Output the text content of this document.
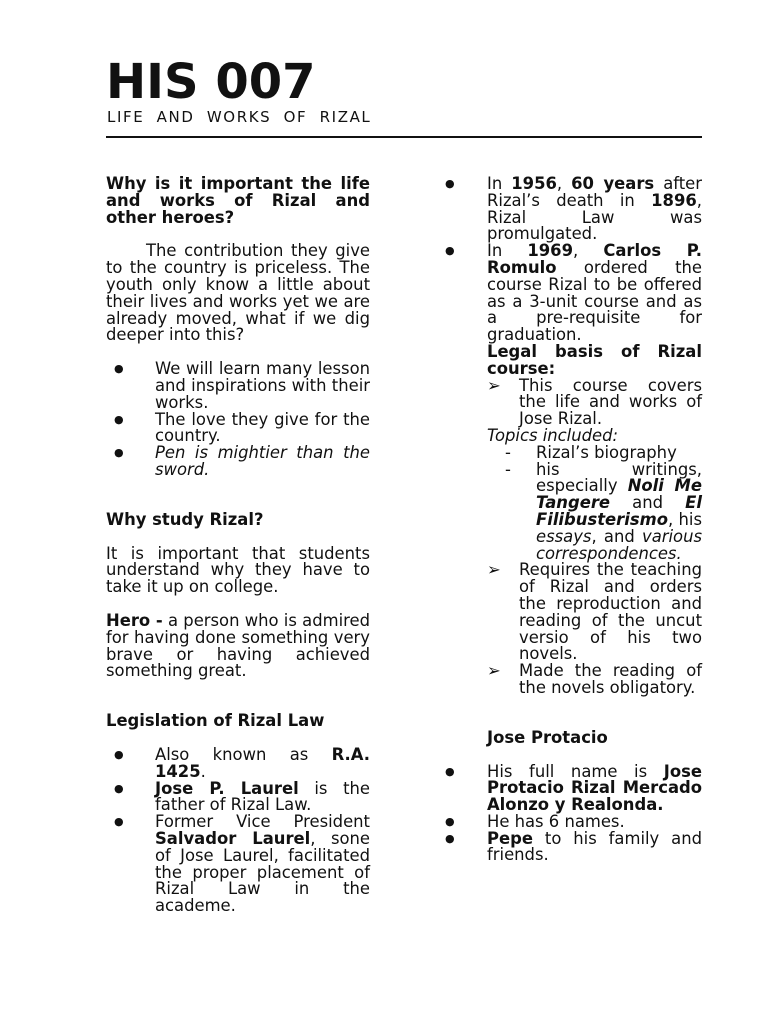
HIS 007
LIFE AND WORKS OF RIZAL

Why is it important the life and works of Rizal and other heroes?

The contribution they give to the country is priceless. The youth only know a little about their lives and works yet we are already moved, what if we dig deeper into this?

● We will learn many lesson and inspirations with their works.
● The love they give for the country.
● Pen is mightier than the sword.

Why study Rizal?

It is important that students understand why they have to take it up on college.

Hero - a person who is admired for having done something very brave or having achieved something great.

Legislation of Rizal Law

● Also known as R.A. 1425.
● Jose P. Laurel is the father of Rizal Law.
● Former Vice President Salvador Laurel, sone of Jose Laurel, facilitated the proper placement of Rizal Law in the academe.
● In 1956, 60 years after Rizal’s death in 1896, Rizal Law was promulgated.
● In 1969, Carlos P. Romulo ordered the course Rizal to be offered as a 3-unit course and as a pre-requisite for graduation.

Legal basis of Rizal course:

➢ This course covers the life and works of Jose Rizal.

Topics included:

- Rizal’s biography
- his writings, especially Noli Me Tangere and El Filibusterismo, his essays, and various correspondences.
➢ Requires the teaching of Rizal and orders the reproduction and reading of the uncut versio of his two novels.
➢ Made the reading of the novels obligatory.

Jose Protacio

● His full name is Jose Protacio Rizal Mercado Alonzo y Realonda.
● He has 6 names.
● Pepe to his family and friends.
